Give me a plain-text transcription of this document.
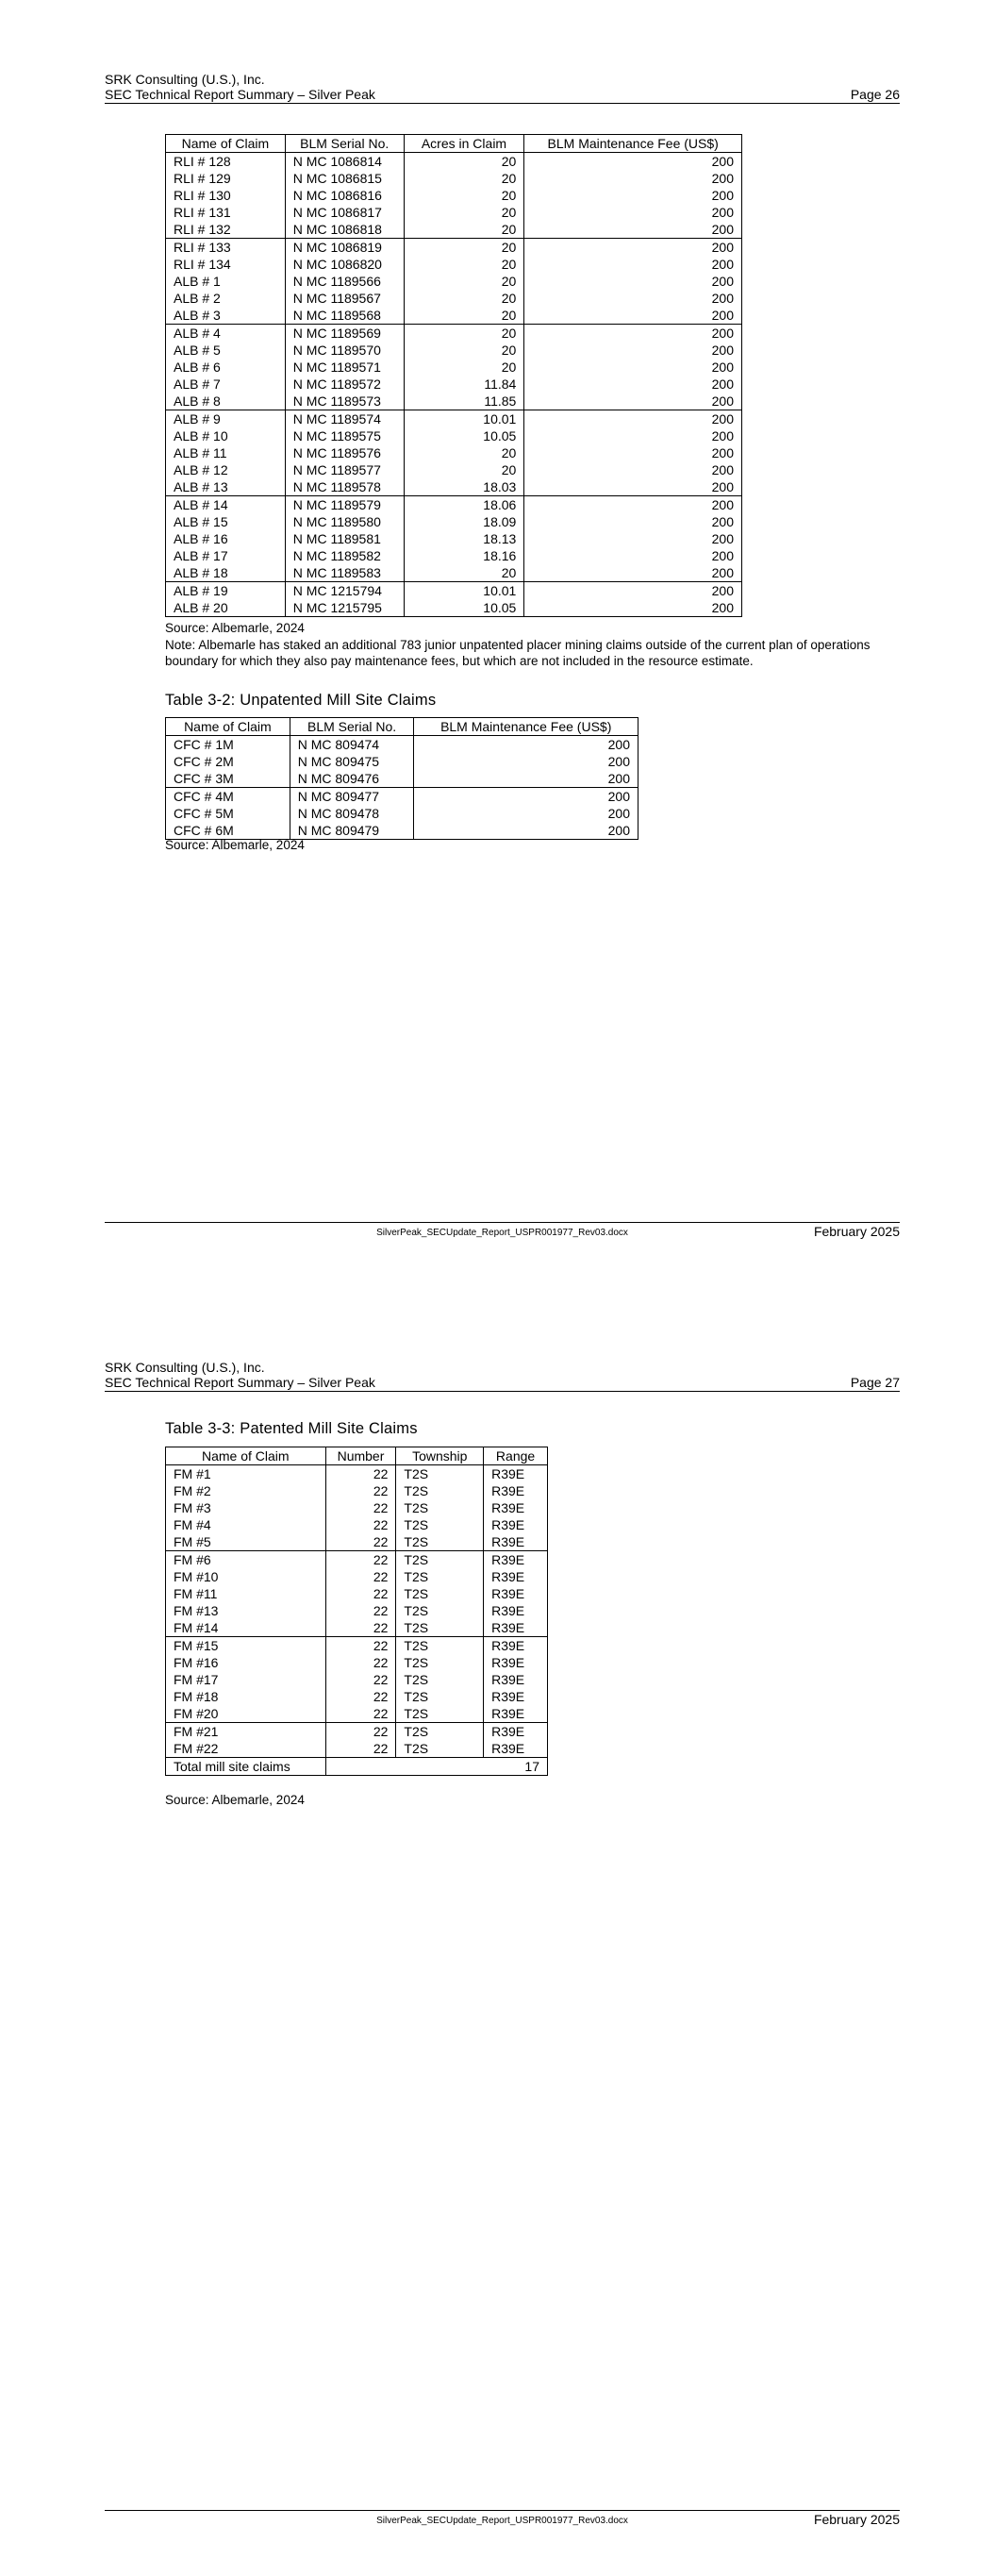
SRK Consulting (U.S.), Inc.
SEC Technical Report Summary – Silver Peak	Page 26
Name of Claim	BLM Serial No.	Acres in Claim	BLM Maintenance Fee (US$)
RLI # 128	N MC 1086814	20	200
RLI # 129	N MC 1086815	20	200
RLI # 130	N MC 1086816	20	200
RLI # 131	N MC 1086817	20	200
RLI # 132	N MC 1086818	20	200
RLI # 133	N MC 1086819	20	200
RLI # 134	N MC 1086820	20	200
ALB # 1	N MC 1189566	20	200
ALB # 2	N MC 1189567	20	200
ALB # 3	N MC 1189568	20	200
ALB # 4	N MC 1189569	20	200
ALB # 5	N MC 1189570	20	200
ALB # 6	N MC 1189571	20	200
ALB # 7	N MC 1189572	11.84	200
ALB # 8	N MC 1189573	11.85	200
ALB # 9	N MC 1189574	10.01	200
ALB # 10	N MC 1189575	10.05	200
ALB # 11	N MC 1189576	20	200
ALB # 12	N MC 1189577	20	200
ALB # 13	N MC 1189578	18.03	200
ALB # 14	N MC 1189579	18.06	200
ALB # 15	N MC 1189580	18.09	200
ALB # 16	N MC 1189581	18.13	200
ALB # 17	N MC 1189582	18.16	200
ALB # 18	N MC 1189583	20	200
ALB # 19	N MC 1215794	10.01	200
ALB # 20	N MC 1215795	10.05	200
Source: Albemarle, 2024
Note: Albemarle has staked an additional 783 junior unpatented placer mining claims outside of the current plan of operations boundary for which they also pay maintenance fees, but which are not included in the resource estimate.
Table 3-2: Unpatented Mill Site Claims
Name of Claim	BLM Serial No.	BLM Maintenance Fee (US$)
CFC # 1M	N MC 809474	200
CFC # 2M	N MC 809475	200
CFC # 3M	N MC 809476	200
CFC # 4M	N MC 809477	200
CFC # 5M	N MC 809478	200
CFC # 6M	N MC 809479	200
Source: Albemarle, 2024
SilverPeak_SECUpdate_Report_USPR001977_Rev03.docx	February 2025
SRK Consulting (U.S.), Inc.
SEC Technical Report Summary – Silver Peak	Page 27
Table 3-3: Patented Mill Site Claims
Name of Claim	Number	Township	Range
FM #1	22	T2S	R39E
FM #2	22	T2S	R39E
FM #3	22	T2S	R39E
FM #4	22	T2S	R39E
FM #5	22	T2S	R39E
FM #6	22	T2S	R39E
FM #10	22	T2S	R39E
FM #11	22	T2S	R39E
FM #13	22	T2S	R39E
FM #14	22	T2S	R39E
FM #15	22	T2S	R39E
FM #16	22	T2S	R39E
FM #17	22	T2S	R39E
FM #18	22	T2S	R39E
FM #20	22	T2S	R39E
FM #21	22	T2S	R39E
FM #22	22	T2S	R39E
Total mill site claims	17		
Source: Albemarle, 2024
SilverPeak_SECUpdate_Report_USPR001977_Rev03.docx	February 2025
